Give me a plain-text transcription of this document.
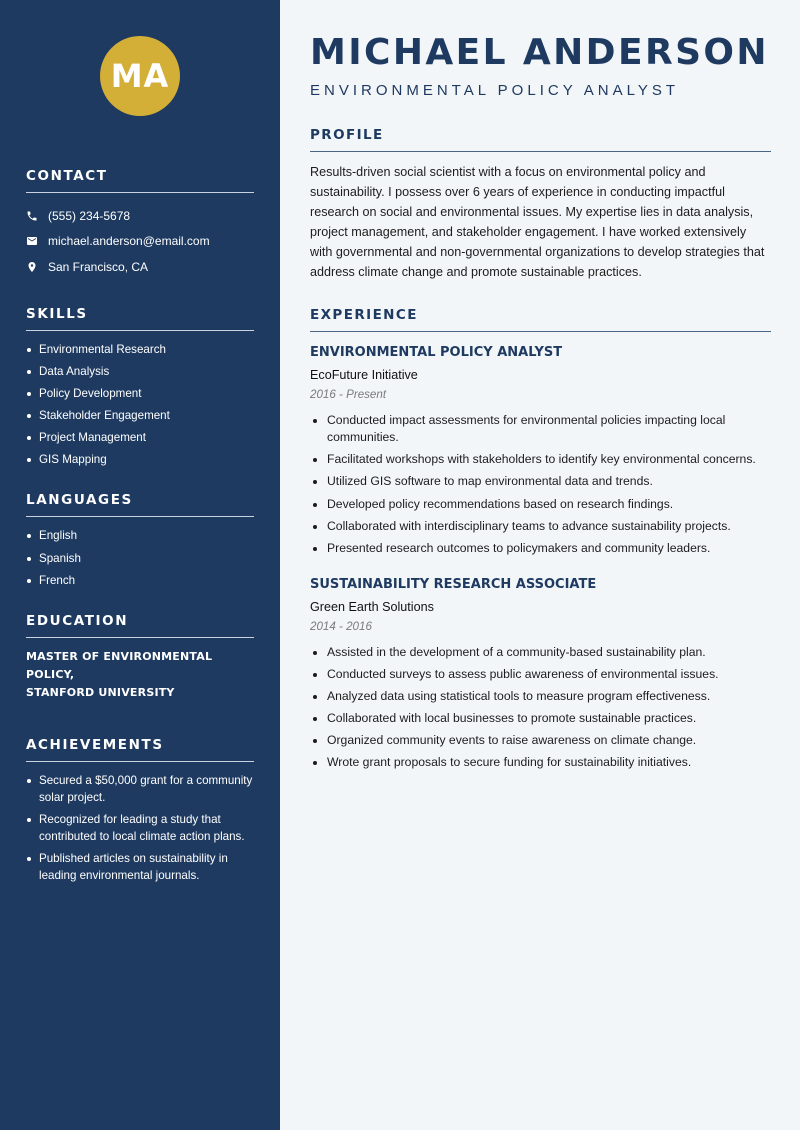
MA
CONTACT
(555) 234-5678
michael.anderson@email.com
San Francisco, CA
SKILLS
Environmental Research
Data Analysis
Policy Development
Stakeholder Engagement
Project Management
GIS Mapping
LANGUAGES
English
Spanish
French
EDUCATION
MASTER OF ENVIRONMENTAL POLICY,
STANFORD UNIVERSITY
ACHIEVEMENTS
Secured a $50,000 grant for a community solar project.
Recognized for leading a study that contributed to local climate action plans.
Published articles on sustainability in leading environmental journals.
MICHAEL ANDERSON
ENVIRONMENTAL POLICY ANALYST
PROFILE

Results-driven social scientist with a focus on environmental policy and sustainability. I possess over 6 years of experience in conducting impactful research on social and environmental issues. My expertise lies in data analysis, project management, and stakeholder engagement. I have worked extensively with governmental and non-governmental organizations to develop strategies that address climate change and promote sustainable practices.

EXPERIENCE
ENVIRONMENTAL POLICY ANALYST
EcoFuture Initiative
2016 - Present
Conducted impact assessments for environmental policies impacting local communities.
Facilitated workshops with stakeholders to identify key environmental concerns.
Utilized GIS software to map environmental data and trends.
Developed policy recommendations based on research findings.
Collaborated with interdisciplinary teams to advance sustainability projects.
Presented research outcomes to policymakers and community leaders.
SUSTAINABILITY RESEARCH ASSOCIATE
Green Earth Solutions
2014 - 2016
Assisted in the development of a community-based sustainability plan.
Conducted surveys to assess public awareness of environmental issues.
Analyzed data using statistical tools to measure program effectiveness.
Collaborated with local businesses to promote sustainable practices.
Organized community events to raise awareness on climate change.
Wrote grant proposals to secure funding for sustainability initiatives.
